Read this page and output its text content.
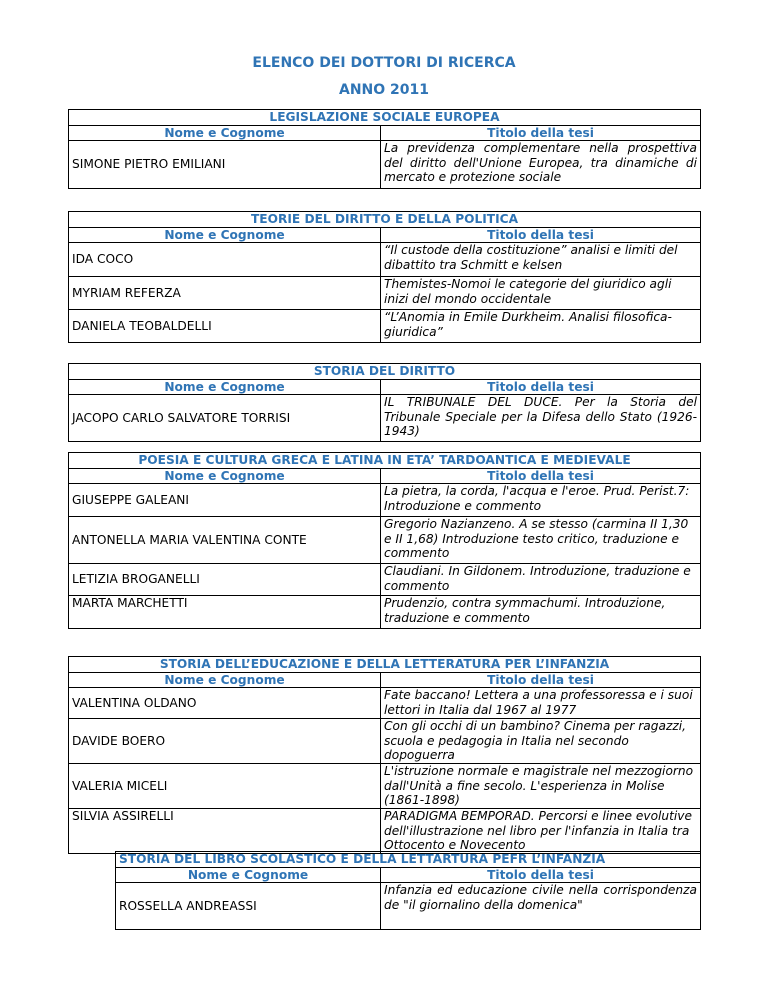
ELENCO DEI DOTTORI DI RICERCA
ANNO 2011
LEGISLAZIONE SOCIALE EUROPEA	
Nome e Cognome	Titolo della tesi
SIMONE PIETRO EMILIANI	La previdenza complementare nella prospettiva del diritto dell'Unione Europea, tra dinamiche di mercato e protezione sociale
TEORIE DEL DIRITTO E DELLA POLITICA	
Nome e Cognome	Titolo della tesi
IDA COCO	“Il custode della costituzione” analisi e limiti del dibattito tra Schmitt e kelsen
MYRIAM REFERZA	Themistes-Nomoi le categorie del giuridico agli inizi del mondo occidentale
DANIELA TEOBALDELLI	“L’Anomia in Emile Durkheim. Analisi filosofica-giuridica”
STORIA DEL DIRITTO	
Nome e Cognome	Titolo della tesi
JACOPO CARLO SALVATORE TORRISI	IL TRIBUNALE DEL DUCE. Per la Storia del Tribunale Speciale per la Difesa dello Stato (1926-1943)
POESIA E CULTURA GRECA E LATINA IN ETA’ TARDOANTICA E MEDIEVALE	
Nome e Cognome	Titolo della tesi
GIUSEPPE GALEANI	La pietra, la corda, l'acqua e l'eroe. Prud. Perist.7: Introduzione e commento
ANTONELLA MARIA VALENTINA CONTE	Gregorio Nazianzeno. A se stesso (carmina II 1,30 e II 1,68) Introduzione testo critico, traduzione e commento
LETIZIA BROGANELLI	Claudiani. In Gildonem. Introduzione, traduzione e commento
MARTA MARCHETTI	Prudenzio, contra symmachumi. Introduzione, traduzione e commento
STORIA DELL’EDUCAZIONE E DELLA LETTERATURA PER L’INFANZIA	
Nome e Cognome	Titolo della tesi
VALENTINA OLDANO	Fate baccano! Lettera a una professoressa e i suoi lettori in Italia dal 1967 al 1977
DAVIDE BOERO	Con gli occhi di un bambino? Cinema per ragazzi, scuola e pedagogia in Italia nel secondo dopoguerra
VALERIA MICELI	L'istruzione normale e magistrale nel mezzogiorno dall'Unità a fine secolo. L'esperienza in Molise (1861-1898)
SILVIA ASSIRELLI	PARADIGMA BEMPORAD. Percorsi e linee evolutive dell'illustrazione nel libro per l'infanzia in Italia tra Ottocento e Novecento
STORIA DEL LIBRO SCOLASTICO E DELLA LETTARTURA PEFR L’INFANZIA	
Nome e Cognome	Titolo della tesi
ROSSELLA ANDREASSI	Infanzia ed educazione civile nella corrispondenza de "il giornalino della domenica"
